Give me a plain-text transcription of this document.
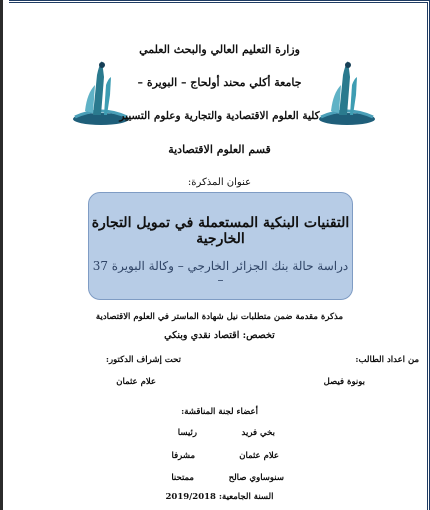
وزارة التعليم العالي والبحث العلمي
جامعة أكلي محند أولحاج – البويرة –
كلية العلوم الاقتصادية والتجارية وعلوم التسيير
قسم العلوم الاقتصادية
عنوان المذكرة:
التقنيات البنكية المستعملة في تمويل التجارة الخارجية
دراسة حالة بنك الجزائر الخارجي – وكالة البويرة 37 –
مذكرة مقدمة ضمن متطلبات نيل شهادة الماستر في العلوم الاقتصادية
تخصص: اقتصاد نقدي وبنكي
من اعداد الطالب:
تحت إشراف الدكتور:
بونوة فيصل
علام عثمان
أعضاء لجنة المناقشة:
بخي فريد
رئيسا
علام عثمان
مشرفا
سنوساوي صالح
ممتحنا
السنة الجامعية: 2019/2018
